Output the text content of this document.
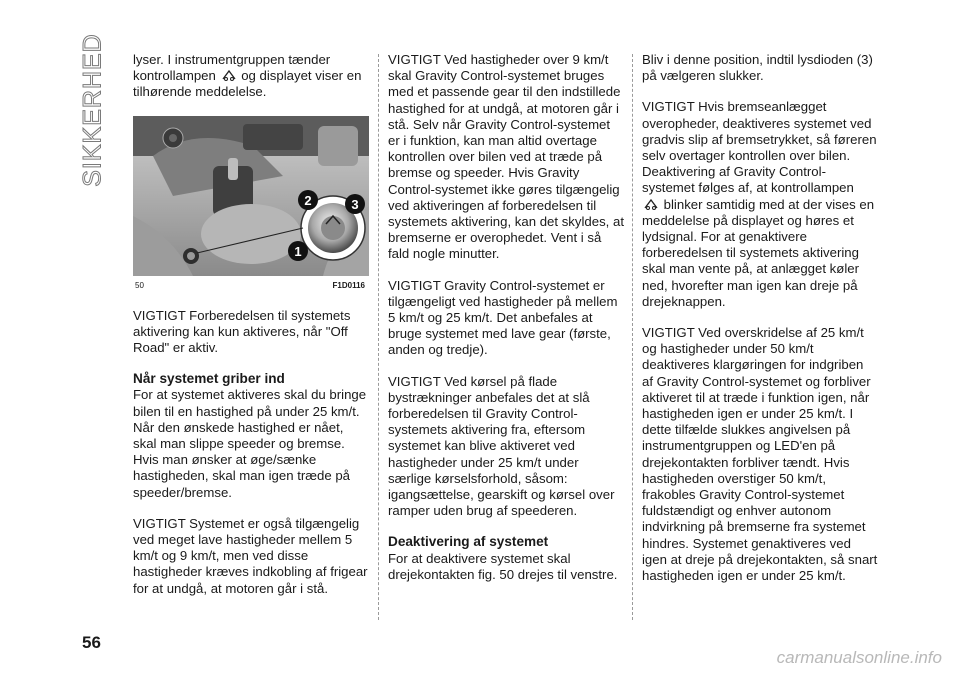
SIKKERHED lyser. I instrumentgruppen tænder kontrollampen og displayet viser en tilhørende meddelelse.

2	3
1
50	F1D0116

VIGTIGT Forberedelsen til systemets aktivering kan kun aktiveres, når "Off Road" er aktiv.

Når systemet griber ind

For at systemet aktiveres skal du bringe bilen til en hastighed på under 25 km/t. Når den ønskede hastighed er nået, skal man slippe speeder og bremse. Hvis man ønsker at øge/sænke hastigheden, skal man igen træde på speeder/bremse.

VIGTIGT Systemet er også tilgængelig ved meget lave hastigheder mellem 5 km/t og 9 km/t, men ved disse hastigheder kræves indkobling af frigear for at undgå, at motoren går i stå.

VIGTIGT Ved hastigheder over 9 km/t skal Gravity Control-systemet bruges med et passende gear til den indstillede hastighed for at undgå, at motoren går i stå. Selv når Gravity Control-systemet er i funktion, kan man altid overtage kontrollen over bilen ved at træde på bremse og speeder. Hvis Gravity Control-systemet ikke gøres tilgængelig ved aktiveringen af forberedelsen til systemets aktivering, kan det skyldes, at bremserne er overophedet. Vent i så fald nogle minutter.

VIGTIGT Gravity Control-systemet er tilgængeligt ved hastigheder på mellem 5 km/t og 25 km/t. Det anbefales at bruge systemet med lave gear (første, anden og tredje).

VIGTIGT Ved kørsel på flade bystrækninger anbefales det at slå forberedelsen til Gravity Control-systemets aktivering fra, eftersom systemet kan blive aktiveret ved hastigheder under 25 km/t under særlige kørselsforhold, såsom: igangsættelse, gearskift og kørsel over ramper uden brug af speederen.

Deaktivering af systemet

For at deaktivere systemet skal drejekontakten fig. 50 drejes til venstre.

Bliv i denne position, indtil lysdioden (3) på vælgeren slukker.

VIGTIGT Hvis bremseanlægget overopheder, deaktiveres systemet ved gradvis slip af bremsetrykket, så føreren selv overtager kontrollen over bilen. Deaktivering af Gravity Control-systemet følges af, at kontrollampen
blinker samtidig med at der vises en meddelelse på displayet og høres et lydsignal. For at genaktivere forberedelsen til systemets aktivering skal man vente på, at anlægget køler ned, hvorefter man igen kan dreje på drejeknappen.

VIGTIGT Ved overskridelse af 25 km/t og hastigheder under 50 km/t deaktiveres klargøringen for indgriben af Gravity Control-systemet og forbliver aktiveret til at træde i funktion igen, når hastigheden igen er under 25 km/t. I dette tilfælde slukkes angivelsen på instrumentgruppen og LED'en på drejekontakten forbliver tændt. Hvis hastigheden overstiger 50 km/t, frakobles Gravity Control-systemet fuldstændigt og enhver autonom indvirkning på bremserne fra systemet hindres. Systemet genaktiveres ved igen at dreje på drejekontakten, så snart hastigheden igen er under 25 km/t.

56
carmanualsonline.info
